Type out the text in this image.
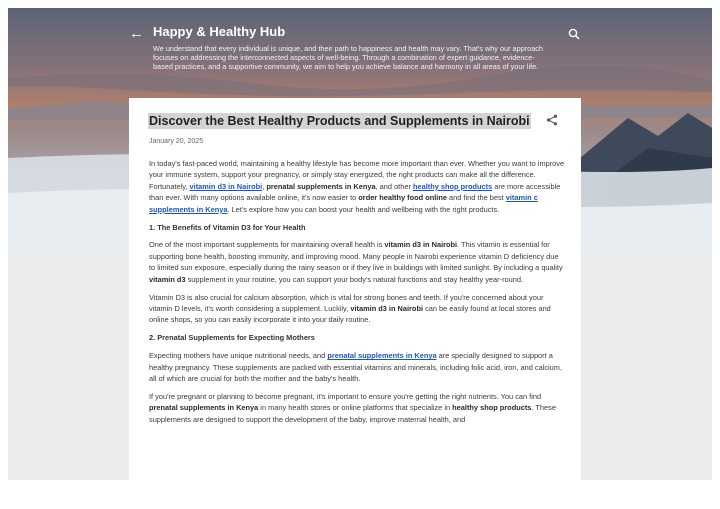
← Happy & Healthy Hub

We understand that every individual is unique, and their path to happiness and health may vary. That's why our approach focuses on addressing the interconnected aspects of well-being. Through a combination of expert guidance, evidence-based practices, and a supportive community, we aim to help you achieve balance and harmony in all areas of your life.

Discover the Best Healthy Products and Supplements in Nairobi
January 20, 2025

In today's fast-paced world, maintaining a healthy lifestyle has become more important than ever. Whether you want to improve your immune system, support your pregnancy, or simply stay energized, the right products can make all the difference. Fortunately, vitamin d3 in Nairobi, prenatal supplements in Kenya, and other healthy shop products are more accessible than ever. With many options available online, it's now easier to order healthy food online and find the best vitamin c supplements in Kenya. Let's explore how you can boost your health and wellbeing with the right products.

1. The Benefits of Vitamin D3 for Your Health

One of the most important supplements for maintaining overall health is vitamin d3 in Nairobi. This vitamin is essential for supporting bone health, boosting immunity, and improving mood. Many people in Nairobi experience vitamin D deficiency due to limited sun exposure, especially during the rainy season or if they live in buildings with limited sunlight. By including a quality vitamin d3 supplement in your routine, you can support your body's natural functions and stay healthy year-round.

Vitamin D3 is also crucial for calcium absorption, which is vital for strong bones and teeth. If you're concerned about your vitamin D levels, it's worth considering a supplement. Luckily, vitamin d3 in Nairobi can be easily found at local stores and online shops, so you can easily incorporate it into your daily routine.

2. Prenatal Supplements for Expecting Mothers

Expecting mothers have unique nutritional needs, and prenatal supplements in Kenya are specially designed to support a healthy pregnancy. These supplements are packed with essential vitamins and minerals, including folic acid, iron, and calcium, all of which are crucial for both the mother and the baby's health.

If you're pregnant or planning to become pregnant, it's important to ensure you're getting the right nutrients. You can find prenatal supplements in Kenya in many health stores or online platforms that specialize in healthy shop products. These supplements are designed to support the development of the baby, improve maternal health, and
